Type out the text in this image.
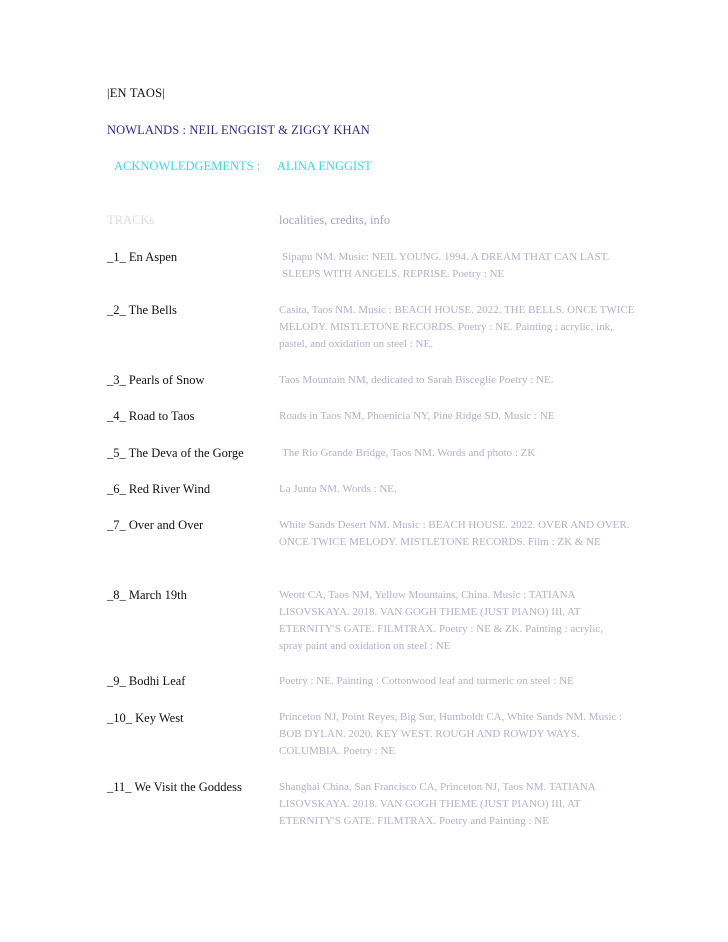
|EN TAOS|
NOWLANDS : NEIL ENGGIST & ZIGGY KHAN
ACKNOWLEDGEMENTS : ALINA ENGGIST
TRACKs	localities, credits, info
_1_ En Aspen	Sipapu NM. Music: NEIL YOUNG. 1994. A DREAM THAT CAN LAST. SLEEPS WITH ANGELS. REPRISE. Poetry : NE
_2_ The Bells	Casita, Taos NM. Music : BEACH HOUSE. 2022. THE BELLS. ONCE TWICE MELODY. MISTLETONE RECORDS. Poetry : NE. Painting : acrylic, ink, pastel, and oxidation on steel : NE.
_3_ Pearls of Snow	Taos Mountain NM, dedicated to Sarah Bisceglie Poetry : NE.
_4_ Road to Taos	Roads in Taos NM, Phoenicia NY, Pine Ridge SD. Music : NE
_5_ The Deva of the Gorge	The Rio Grande Bridge, Taos NM. Words and photo : ZK
_6_ Red River Wind	La Junta NM. Words : NE.
_7_ Over and Over	White Sands Desert NM. Music : BEACH HOUSE. 2022. OVER AND OVER. ONCE TWICE MELODY. MISTLETONE RECORDS. Film : ZK & NE
_8_ March 19th	Weott CA, Taos NM, Yellow Mountains, China. Music : TATIANA LISOVSKAYA. 2018. VAN GOGH THEME (JUST PIANO) III. AT ETERNITY'S GATE. FILMTRAX. Poetry : NE & ZK. Painting : acrylic, spray paint and oxidation on steel : NE
_9_ Bodhi Leaf	Poetry : NE. Painting : Cottonwood leaf and turmeric on steel : NE
_10_ Key West	Princeton NJ, Point Reyes, Big Sur, Humboldt CA, White Sands NM. Music : BOB DYLAN. 2020. KEY WEST. ROUGH AND ROWDY WAYS. COLUMBIA. Poetry : NE
_11_ We Visit the Goddess	Shanghai China, San Francisco CA, Princeton NJ, Taos NM. TATIANA LISOVSKAYA. 2018. VAN GOGH THEME (JUST PIANO) III. AT ETERNITY'S GATE. FILMTRAX. Poetry and Painting : NE
